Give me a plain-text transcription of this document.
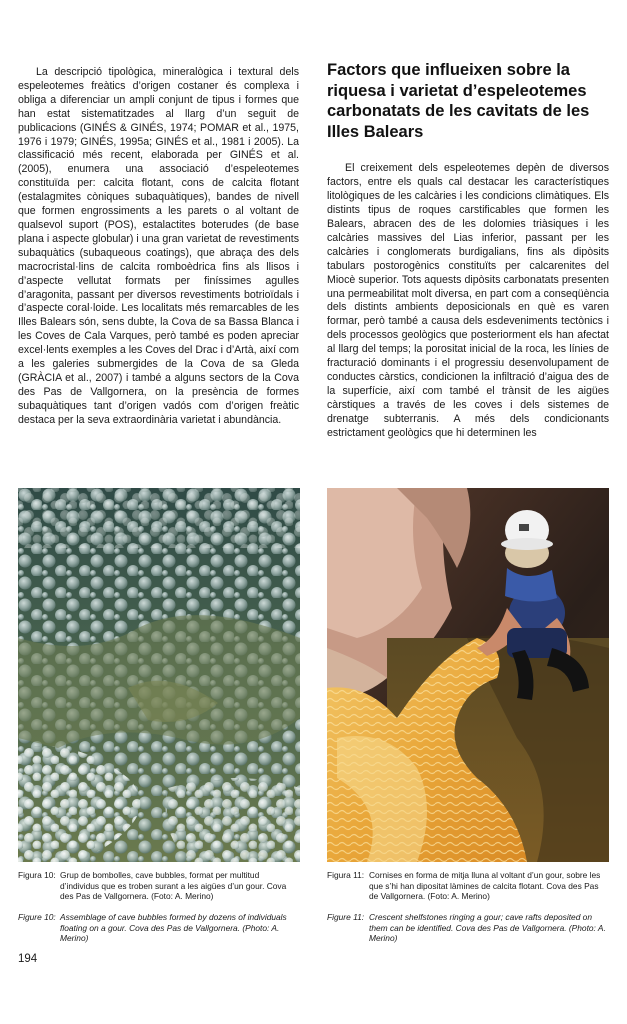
La descripció tipològica, mineralògica i textural dels espeleotemes freàtics d’origen costaner és complexa i obliga a diferenciar un ampli conjunt de tipus i formes que han estat sistematitzades al llarg d’un seguit de publicacions (GINÉS & GINÉS, 1974; POMAR et al., 1975, 1976 i 1979; GINÉS, 1995a; GINÉS et al., 1981 i 2005). La classificació més recent, elaborada per GINÉS et al. (2005), enumera una associació d’espeleotemes constituïda per: calcita flotant, cons de calcita flotant (estalagmites còniques subaquàtiques), bandes de nivell que formen engrossiments a les parets o al voltant de qualsevol suport (POS), estalactites boterudes (de base plana i aspecte globular) i una gran varietat de revestiments subaquàtics (subaqueous coatings), que abraça des dels macrocristal·lins de calcita romboèdrica fins als llisos i d’aspecte vellutat formats per finíssimes agulles d’aragonita, passant per diversos revestiments botrioïdals i d’aspecte coral·loide. Les localitats més remarcables de les Illes Balears són, sens dubte, la Cova de sa Bassa Blanca i les Coves de Cala Varques, però també es poden apreciar excel·lents exemples a les Coves del Drac i d’Artà, així com a les galeries submergides de la Cova de sa Gleda (GRÀCIA et al., 2007) i també a alguns sectors de la Cova des Pas de Vallgornera, on la presència de formes subaquàtiques tant d’origen vadós com d’origen freàtic destaca per la seva extraordinària varietat i abundància.

Factors que influeixen sobre la riquesa i varietat d’espeleotemes carbonatats de les cavitats de les Illes Balears

El creixement dels espeleotemes depèn de diversos factors, entre els quals cal destacar les característiques litològiques de les calcàries i les condicions climàtiques. Els distints tipus de roques carstificables que formen les Balears, abracen des de les dolomies triàsiques i les calcàries massives del Lias inferior, passant per les calcàries i conglomerats burdigalians, fins als dipòsits tabulars postorogènics constituïts per calcarenites del Miocè superior. Tots aquests dipòsits carbonatats presenten una permeabilitat molt diversa, en part com a conseqüència dels distints ambients deposicionals en què es varen formar, però també a causa dels esdeveniments tectònics i dels processos geològics que posteriorment els han afectat al llarg del temps; la porositat inicial de la roca, les línies de fracturació dominants i el progressiu desenvolupament de conductes càrstics, condicionen la infiltració d’aigua des de la superfície, així com també el trànsit de les aigües càrstiques a través de les coves i dels sistemes de drenatge subterranis. A més dels condicionants estrictament geològics que hi determinen les

Figura 10: Grup de bombolles, cave bubbles, format per multitud d’individus que es troben surant a les aigües d’un gour. Cova des Pas de Vallgornera. (Foto: A. Merino)
Figure 10: Assemblage of cave bubbles formed by dozens of individuals floating on a gour. Cova des Pas de Vallgornera. (Photo: A. Merino)
Figura 11: Cornises en forma de mitja lluna al voltant d’un gour, sobre les que s’hi han dipositat làmines de calcita flotant. Cova des Pas de Vallgornera. (Foto: A. Merino)
Figure 11: Crescent shelfstones ringing a gour; cave rafts deposited on them can be identified. Cova des Pas de Vallgornera. (Photo: A. Merino)
194
